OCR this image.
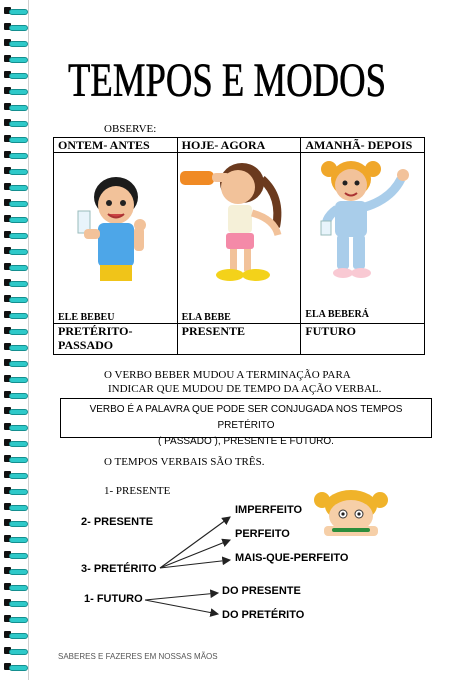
TEMPOS E MODOS
OBSERVE:
ONTEM- ANTES	HOJE- AGORA	AMANHÃ- DEPOIS

ELE BEBEU	ELA BEBE	ELA BEBERÁ

PRETÉRITO- PASSADO	PRESENTE	FUTURO
O VERBO BEBER MUDOU A TERMINAÇÃO PARA
INDICAR QUE MUDOU DE TEMPO DA AÇÃO VERBAL.
VERBO É A PALAVRA QUE PODE SER CONJUGADA NOS TEMPOS PRETÉRITO
( PASSADO ), PRESENTE E FUTURO.
O TEMPOS VERBAIS SÃO TRÊS.
1- PRESENTE
2- PRESENTE
3- PRETÉRITO
1- FUTURO
IMPERFEITO
PERFEITO
MAIS-QUE-PERFEITO
DO PRESENTE
DO PRETÉRITO
SABERES E FAZERES EM NOSSAS MÃOS
